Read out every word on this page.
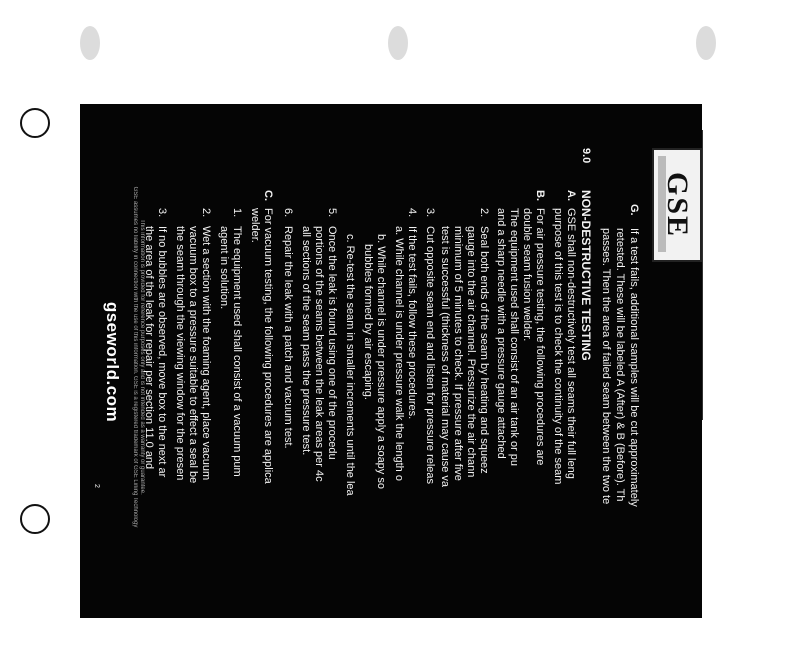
gseworld.com	This information is provided for reference purposes only and is not intended as a warranty or guarantee.
GSE assumes no liability in connection with the use of this information. GSE is a registered trademark of GSE Lining Technology	GSE
G.
If a test fails, additional samples will be cut approximately
retested. These will be labeled A (After) & B (Before). Th
passes. Then the area of failed seam between the two te
9.0
NON-DESTRUCTIVE TESTING
A.
GSE shall non-destructively test all seams their full leng
purpose of this test is to check the continuity of the seam
B.
For air pressure testing, the following procedures are
double seam fusion welder.
The equipment used shall consist of an air tank or pu
and a sharp needle with a pressure gauge attached
2.
Seal both ends of the seam by heating and squeez
gauge into the air channel. Pressurize the air chann
minimum of 5 minutes to check. If pressure after five
test is successful (thickness of material may cause va
3.
Cut opposite seam end and listen for pressure releas
4.
If the test fails, follow these procedures.
a. While channel is under pressure walk the length o
b. While channel is under pressure apply a soapy so
bubbles formed by air escaping.
c. Re-test the seam in smaller increments until the lea
5.
Once the leak is found using one of the procedu
portions of the seams between the leak areas per 4c
all sections of the seam pass the pressure test.
6.
Repair the leak with a patch and vacuum test.
C.
For vacuum testing, the following procedures are applica
welder.
1.
The equipment used shall consist of a vacuum pum
agent in solution.
2.
Wet a section with the foaming agent, place vacuum
vacuum box to a pressure suitable to effect a seal be
the seam through the viewing window for the presen
3.
If no bubbles are observed, move box to the next ar
the area of the leak for repair per section 11.0 and
2
